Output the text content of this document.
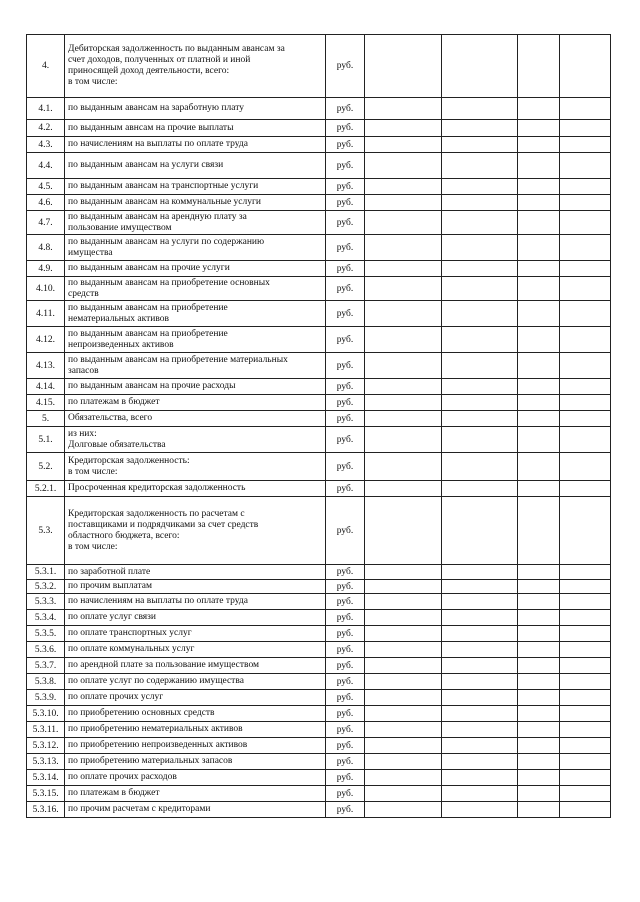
4.	Дебиторская задолженность по выданным авансам за
счет доходов, полученных от платной и иной
приносящей доход деятельности, всего:
в том числе:	руб.				
4.1.	по выданным авансам на заработную плату	руб.				
4.2.	по выданным авнсам на прочие выплаты	руб.				
4.3.	по начислениям на выплаты по оплате труда	руб.				
4.4.	по выданным авансам на услуги связи	руб.				
4.5.	по выданным авансам на транспортные услуги	руб.				
4.6.	по выданным авансам на коммунальные услуги	руб.				
4.7.	по выданным авансам на арендную плату за
пользование имуществом	руб.				
4.8.	по выданным авансам на услуги по содержанию
имущества	руб.				
4.9.	по выданным авансам на прочие услуги	руб.				
4.10.	по выданным авансам на приобретение основных
средств	руб.				
4.11.	по выданным авансам на приобретение
нематериальных активов	руб.				
4.12.	по выданным авансам на приобретение
непроизведенных активов	руб.				
4.13.	по выданным авансам на приобретение материальных
запасов	руб.				
4.14.	по выданным авансам на прочие расходы	руб.				
4.15.	по платежам в бюджет	руб.				
5.	Обязательства, всего	руб.				
5.1.	из них:
Долговые обязательства	руб.				
5.2.	Кредиторская задолженность:
в том числе:	руб.				
5.2.1.	Просроченная кредиторская задолженность	руб.				
5.3.	Кредиторская задолженность по расчетам с
поставщиками и подрядчиками за счет средств
областного бюджета, всего:
в том числе:	руб.				
5.3.1.	по заработной плате	руб.				
5.3.2.	по прочим выплатам	руб.				
5.3.3.	по начислениям на выплаты по оплате труда	руб.				
5.3.4.	по оплате услуг связи	руб.				
5.3.5.	по оплате транспортных услуг	руб.				
5.3.6.	по оплате коммунальных услуг	руб.				
5.3.7.	по арендной плате за пользование имуществом	руб.				
5.3.8.	по оплате услуг по содержанию имущества	руб.				
5.3.9.	по оплате прочих услуг	руб.				
5.3.10.	по приобретению основных средств	руб.				
5.3.11.	по приобретению нематериальных активов	руб.				
5.3.12.	по приобретению непроизведенных активов	руб.				
5.3.13.	по приобретению материальных запасов	руб.				
5.3.14.	по оплате прочих расходов	руб.				
5.3.15.	по платежам в бюджет	руб.				
5.3.16.	по прочим расчетам с кредиторами	руб.				
